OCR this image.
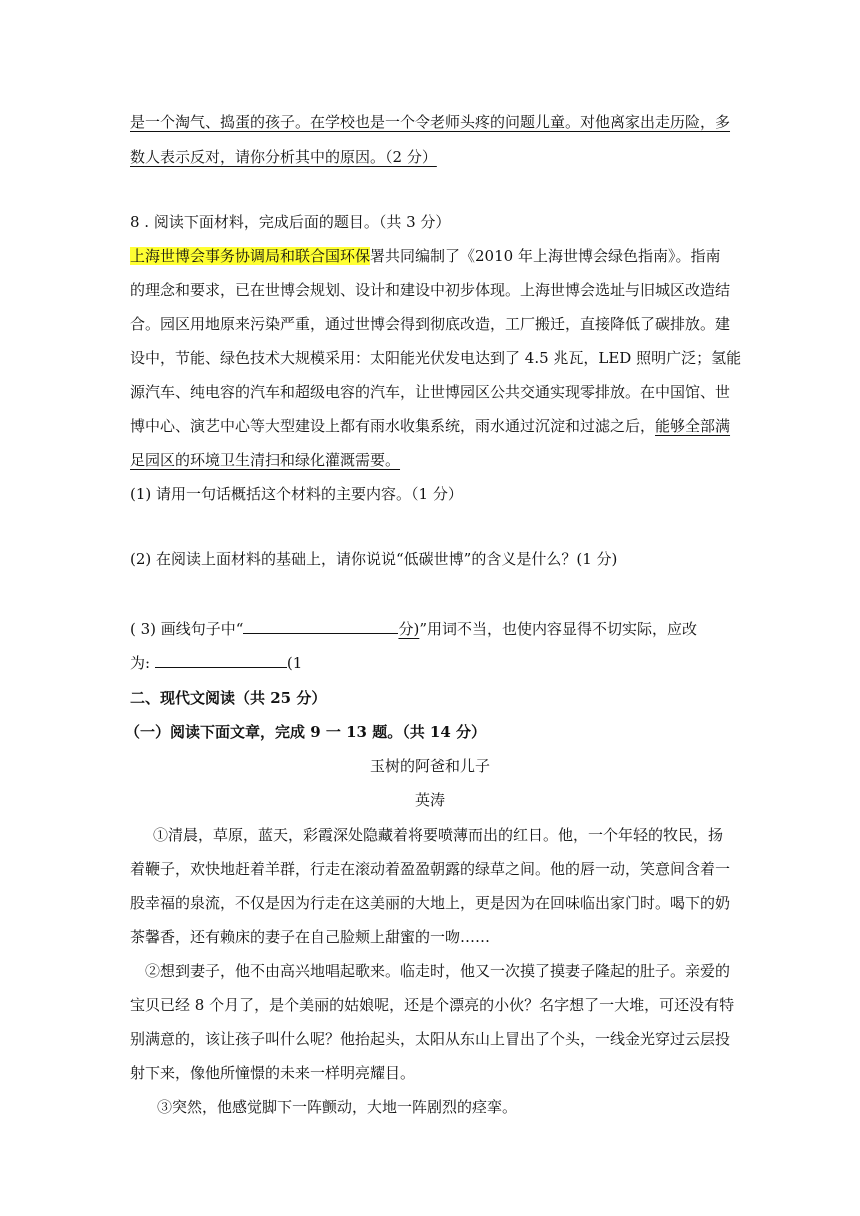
是一个淘气、捣蛋的孩子。在学校也是一个令老师头疼的问题儿童。对他离家出走历险，多
数人表示反对，请你分析其中的原因。（2 分）
8 . 阅读下面材料，完成后面的题目。（共 3 分）
上海世博会事务协调局和联合国环保署共同编制了《2010 年上海世博会绿色指南》。指南
的理念和要求，已在世博会规划、设计和建设中初步体现。上海世博会选址与旧城区改造结
合。园区用地原来污染严重，通过世博会得到彻底改造，工厂搬迁，直接降低了碳排放。建
设中，节能、绿色技术大规模采用：太阳能光伏发电达到了 4.5 兆瓦，LED 照明广泛；氢能
源汽车、纯电容的汽车和超级电容的汽车，让世博园区公共交通实现零排放。在中国馆、世
博中心、演艺中心等大型建设上都有雨水收集系统，雨水通过沉淀和过滤之后，能够全部满
足园区的环境卫生清扫和绿化灌溉需要。
(1) 请用一句话概括这个材料的主要内容。（1 分）
(2) 在阅读上面材料的基础上，请你说说“低碳世博”的含义是什么？(1 分)
( 3) 画线句子中“	分)”用词不当，也使内容显得不切实际，应改
为:	(1
二、现代文阅读（共 25 分）
（一）阅读下面文章，完成 9 一 13 题。（共 14 分）
玉树的阿爸和儿子
英涛
①清晨，草原，蓝天，彩霞深处隐藏着将要喷薄而出的红日。他，一个年轻的牧民，扬
着鞭子，欢快地赶着羊群，行走在滚动着盈盈朝露的绿草之间。他的唇一动，笑意间含着一
股幸福的泉流，不仅是因为行走在这美丽的大地上，更是因为在回味临出家门时。喝下的奶
茶馨香，还有赖床的妻子在自己脸颊上甜蜜的一吻……
②想到妻子，他不由高兴地唱起歌来。临走时，他又一次摸了摸妻子隆起的肚子。亲爱的
宝贝已经 8 个月了，是个美丽的姑娘呢，还是个漂亮的小伙？名字想了一大堆，可还没有特
别满意的，该让孩子叫什么呢？他抬起头，太阳从东山上冒出了个头，一线金光穿过云层投
射下来，像他所憧憬的未来一样明亮耀目。
③突然，他感觉脚下一阵颤动，大地一阵剧烈的痉挛。
